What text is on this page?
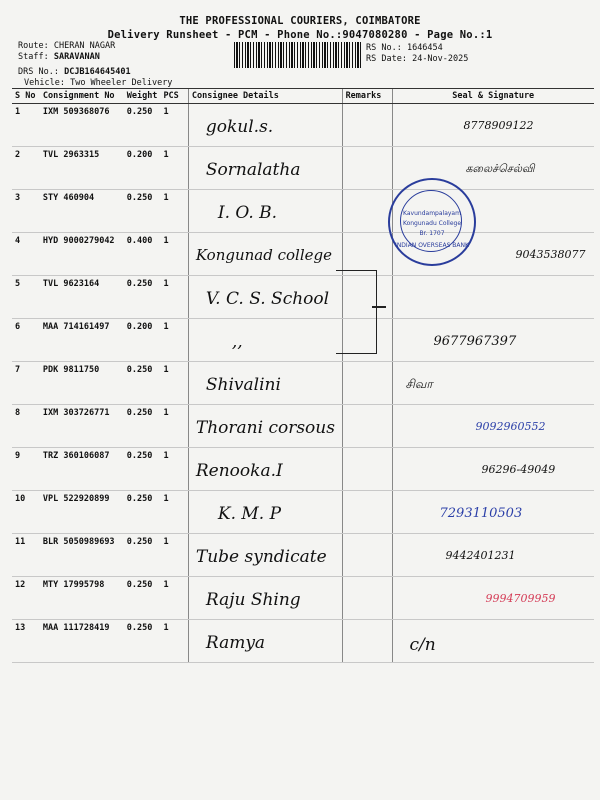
THE PROFESSIONAL COURIERS, COIMBATORE
Delivery Runsheet - PCM - Phone No.:9047080280 - Page No.:1
Route: CHERAN NAGAR
Staff: SARAVANAN
DRS No.: DCJB164645401
Vehicle: Two Wheeler Delivery
RS No.: 1646454
RS Date: 24-Nov-2025
S No	Consignment No	Weight	PCS	Consignee Details	Remarks	Seal & Signature
1	IXM 509368076	0.250	1	gokul.s.		8778909122
2	TVL 2963315	0.200	1	Sornalatha		கலைச்செல்வி
3	STY 460904	0.250	1	I. O. B.		
4	HYD 9000279042	0.400	1	Kongunad college		9043538077
5	TVL 9623164	0.250	1	V. C. S. School		
6	MAA 714161497	0.200	1	,,		9677967397
7	PDK 9811750	0.250	1	Shivalini		சிவா
8	IXM 303726771	0.250	1	Thorani corsous		9092960552
9	TRZ 360106087	0.250	1	Renooka.I		96296-49049
10	VPL 522920899	0.250	1	K. M. P		7293110503
11	BLR 5050989693	0.250	1	Tube syndicate		9442401231
12	MTY 17995798	0.250	1	Raju Shing		9994709959
13	MAA 111728419	0.250	1	Ramya		c/n
Kavundampalayam
Kongunadu College
Br. 1707
INDIAN OVERSEAS BANK
